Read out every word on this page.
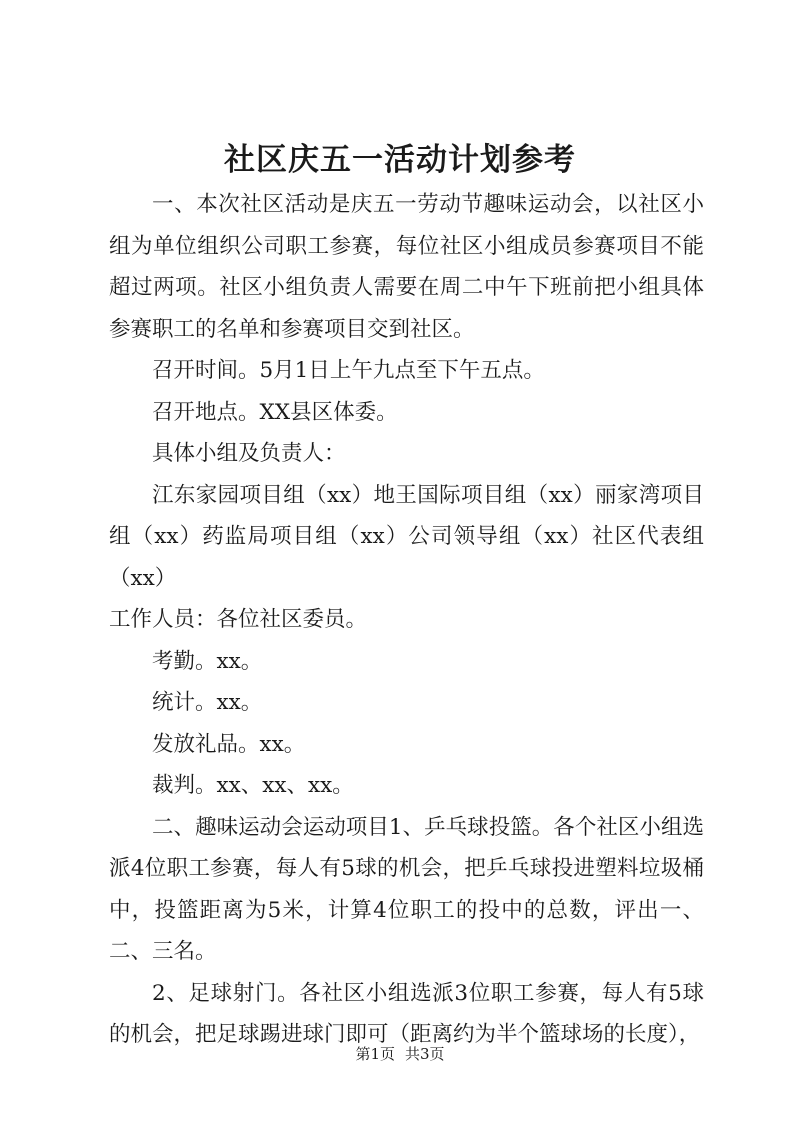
社区庆五一活动计划参考

一、本次社区活动是庆五一劳动节趣味运动会，以社区小组为单位组织公司职工参赛，每位社区小组成员参赛项目不能超过两项。社区小组负责人需要在周二中午下班前把小组具体参赛职工的名单和参赛项目交到社区。

召开时间。5月1日上午九点至下午五点。

召开地点。XX县区体委。

具体小组及负责人：

江东家园项目组（xx）地王国际项目组（xx）丽家湾项目组（xx）药监局项目组（xx）公司领导组（xx）社区代表组（xx）

工作人员：各位社区委员。

考勤。xx。

统计。xx。

发放礼品。xx。

裁判。xx、xx、xx。

二、趣味运动会运动项目1、乒乓球投篮。各个社区小组选派4位职工参赛，每人有5球的机会，把乒乓球投进塑料垃圾桶中，投篮距离为5米，计算4位职工的投中的总数，评出一、二、三名。

2、足球射门。各社区小组选派3位职工参赛，每人有5球的机会，把足球踢进球门即可（距离约为半个篮球场的长度），

第1页 共3页
